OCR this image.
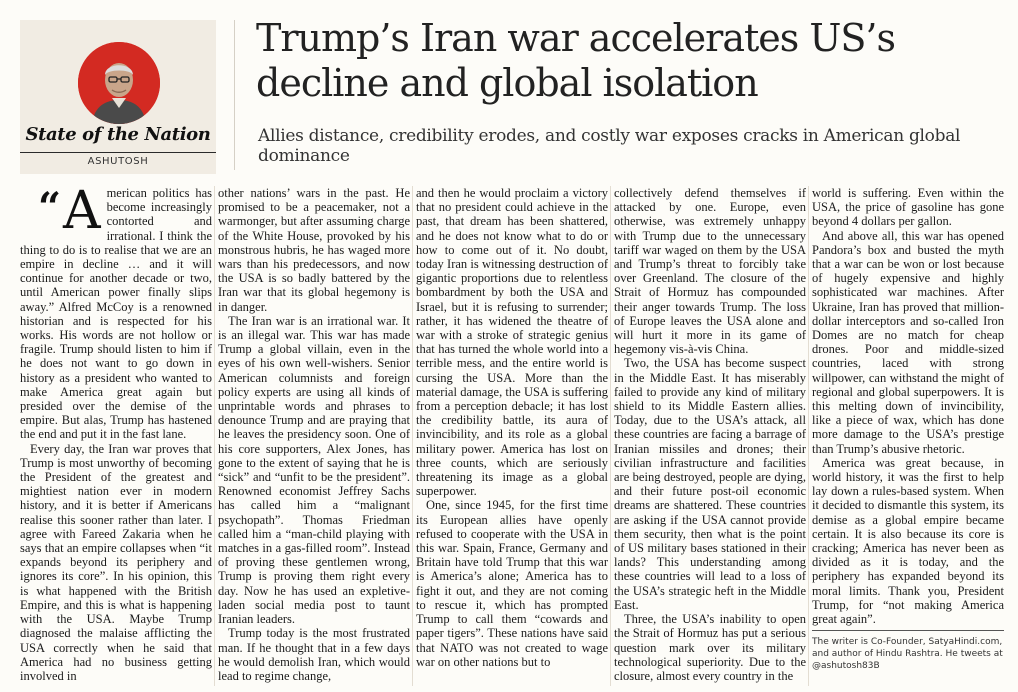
State of the Nation
ASHUTOSH
Trump’s Iran war accelerates US’s decline and global isolation

Allies distance, credibility erodes, and costly war exposes cracks in American global dominance

“ A merican politics has become increasingly contorted and irrational. I think the thing to do is to realise that we are an empire in decline … and it will continue for another decade or two, until American power finally slips away.” Alfred McCoy is a renowned historian and is respected for his works. His words are not hollow or fragile. Trump should listen to him if he does not want to go down in history as a president who wanted to make America great again but presided over the demise of the empire. But alas, Trump has hastened the end and put it in the fast lane.

Every day, the Iran war proves that Trump is most unworthy of becoming the President of the greatest and mightiest nation ever in modern history, and it is better if Americans realise this sooner rather than later. I agree with Fareed Zakaria when he says that an empire collapses when “it expands beyond its periphery and ignores its core”. In his opinion, this is what happened with the British Empire, and this is what is happening with the USA. Maybe Trump diagnosed the malaise afflicting the USA correctly when he said that America had no business getting involved in

other nations’ wars in the past. He promised to be a peacemaker, not a warmonger, but after assuming charge of the White House, provoked by his monstrous hubris, he has waged more wars than his predecessors, and now the USA is so badly battered by the Iran war that its global hegemony is in danger.

The Iran war is an irrational war. It is an illegal war. This war has made Trump a global villain, even in the eyes of his own well-wishers. Senior American columnists and foreign policy experts are using all kinds of unprintable words and phrases to denounce Trump and are praying that he leaves the presidency soon. One of his core supporters, Alex Jones, has gone to the extent of saying that he is “sick” and “unfit to be the president”. Renowned economist Jeffrey Sachs has called him a “malignant psychopath”. Thomas Friedman called him a “man-child playing with matches in a gas-filled room”. Instead of proving these gentlemen wrong, Trump is proving them right every day. Now he has used an expletive-laden social media post to taunt Iranian leaders.

Trump today is the most frustrated man. If he thought that in a few days he would demolish Iran, which would lead to regime change,

and then he would proclaim a victory that no president could achieve in the past, that dream has been shattered, and he does not know what to do or how to come out of it. No doubt, today Iran is witnessing destruction of gigantic proportions due to relentless bombardment by both the USA and Israel, but it is refusing to surrender; rather, it has widened the theatre of war with a stroke of strategic genius that has turned the whole world into a terrible mess, and the entire world is cursing the USA. More than the material damage, the USA is suffering from a perception debacle; it has lost the credibility battle, its aura of invincibility, and its role as a global military power. America has lost on three counts, which are seriously threatening its image as a global superpower.

One, since 1945, for the first time its European allies have openly refused to cooperate with the USA in this war. Spain, France, Germany and Britain have told Trump that this war is America’s alone; America has to fight it out, and they are not coming to rescue it, which has prompted Trump to call them “cowards and paper tigers”. These nations have said that NATO was not created to wage war on other nations but to

collectively defend themselves if attacked by one. Europe, even otherwise, was extremely unhappy with Trump due to the unnecessary tariff war waged on them by the USA and Trump’s threat to forcibly take over Greenland. The closure of the Strait of Hormuz has compounded their anger towards Trump. The loss of Europe leaves the USA alone and will hurt it more in its game of hegemony vis-à-vis China.

Two, the USA has become suspect in the Middle East. It has miserably failed to provide any kind of military shield to its Middle Eastern allies. Today, due to the USA’s attack, all these countries are facing a barrage of Iranian missiles and drones; their civilian infrastructure and facilities are being destroyed, people are dying, and their future post-oil economic dreams are shattered. These countries are asking if the USA cannot provide them security, then what is the point of US military bases stationed in their lands? This understanding among these countries will lead to a loss of the USA’s strategic heft in the Middle East.

Three, the USA’s inability to open the Strait of Hormuz has put a serious question mark over its military technological superiority. Due to the closure, almost every country in the

world is suffering. Even within the USA, the price of gasoline has gone beyond 4 dollars per gallon.

And above all, this war has opened Pandora’s box and busted the myth that a war can be won or lost because of hugely expensive and highly sophisticated war machines. After Ukraine, Iran has proved that million-dollar interceptors and so-called Iron Domes are no match for cheap drones. Poor and middle-sized countries, laced with strong willpower, can withstand the might of regional and global superpowers. It is this melting down of invincibility, like a piece of wax, which has done more damage to the USA’s prestige than Trump’s abusive rhetoric.

America was great because, in world history, it was the first to help lay down a rules-based system. When it decided to dismantle this system, its demise as a global empire became certain. It is also because its core is cracking; America has never been as divided as it is today, and the periphery has expanded beyond its moral limits. Thank you, President Trump, for “not making America great again”.

The writer is Co-Founder, SatyaHindi.com, and author of Hindu Rashtra. He tweets at @ashutosh83B
